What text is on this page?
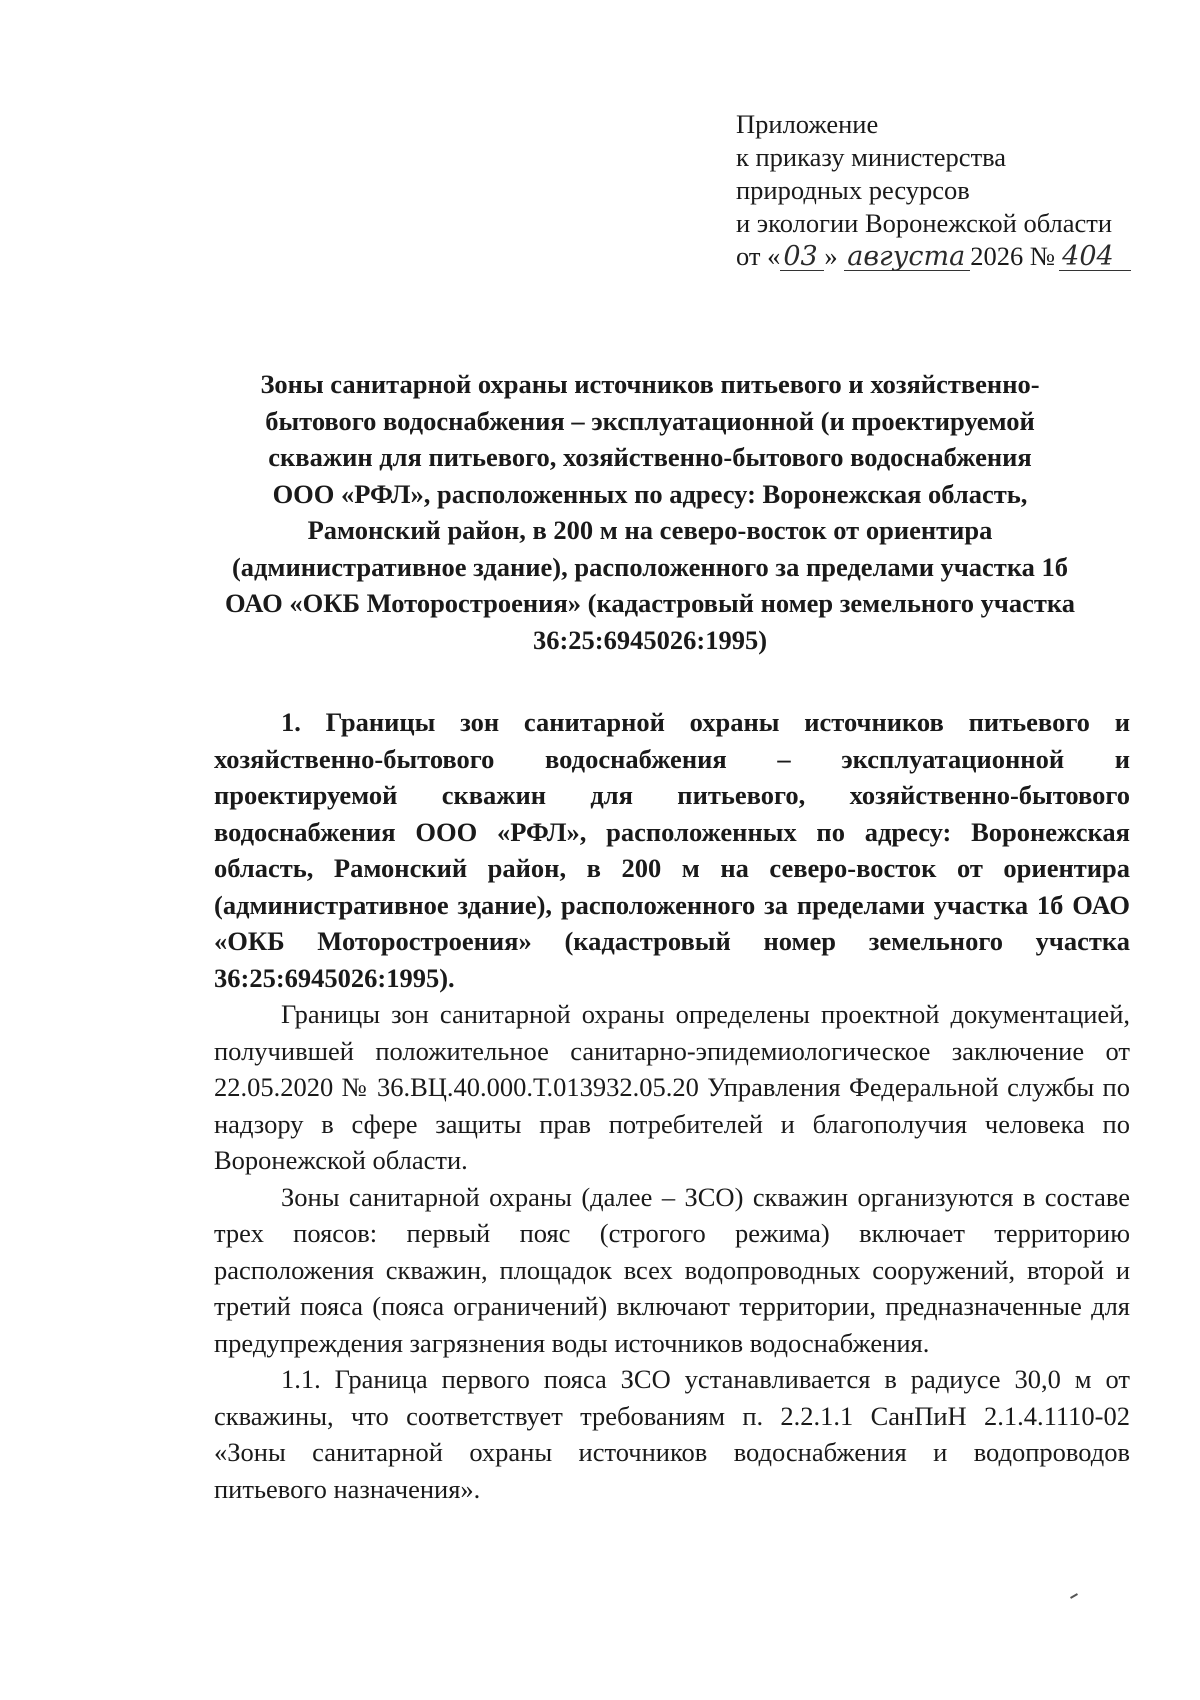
Приложение
к приказу министерства
природных ресурсов
и экологии Воронежской области
от « 03 » августа 2026 № 404
Зоны санитарной охраны источников питьевого и хозяйственно-
бытового водоснабжения – эксплуатационной (и проектируемой
скважин для питьевого, хозяйственно-бытового водоснабжения
ООО «РФЛ», расположенных по адресу: Воронежская область,
Рамонский район, в 200 м на северо-восток от ориентира
(административное здание), расположенного за пределами участка 1б
ОАО «ОКБ Моторостроения» (кадастровый номер земельного участка
36:25:6945026:1995)

1. Границы зон санитарной охраны источников питьевого и хозяйственно-бытового водоснабжения – эксплуатационной и проектируемой скважин для питьевого, хозяйственно-бытового водоснабжения ООО «РФЛ», расположенных по адресу: Воронежская область, Рамонский район, в 200 м на северо-восток от ориентира (административное здание), расположенного за пределами участка 1б ОАО «ОКБ Моторостроения» (кадастровый номер земельного участка 36:25:6945026:1995).

Границы зон санитарной охраны определены проектной документацией, получившей положительное санитарно-эпидемиологическое заключение от 22.05.2020 № 36.ВЦ.40.000.Т.013932.05.20 Управления Федеральной службы по надзору в сфере защиты прав потребителей и благополучия человека по Воронежской области.

Зоны санитарной охраны (далее – ЗСО) скважин организуются в составе трех поясов: первый пояс (строгого режима) включает территорию расположения скважин, площадок всех водопроводных сооружений, второй и третий пояса (пояса ограничений) включают территории, предназначенные для предупреждения загрязнения воды источников водоснабжения.

1.1. Граница первого пояса ЗСО устанавливается в радиусе 30,0 м от скважины, что соответствует требованиям п. 2.2.1.1 СанПиН 2.1.4.1110-02 «Зоны санитарной охраны источников водоснабжения и водопроводов питьевого назначения».
